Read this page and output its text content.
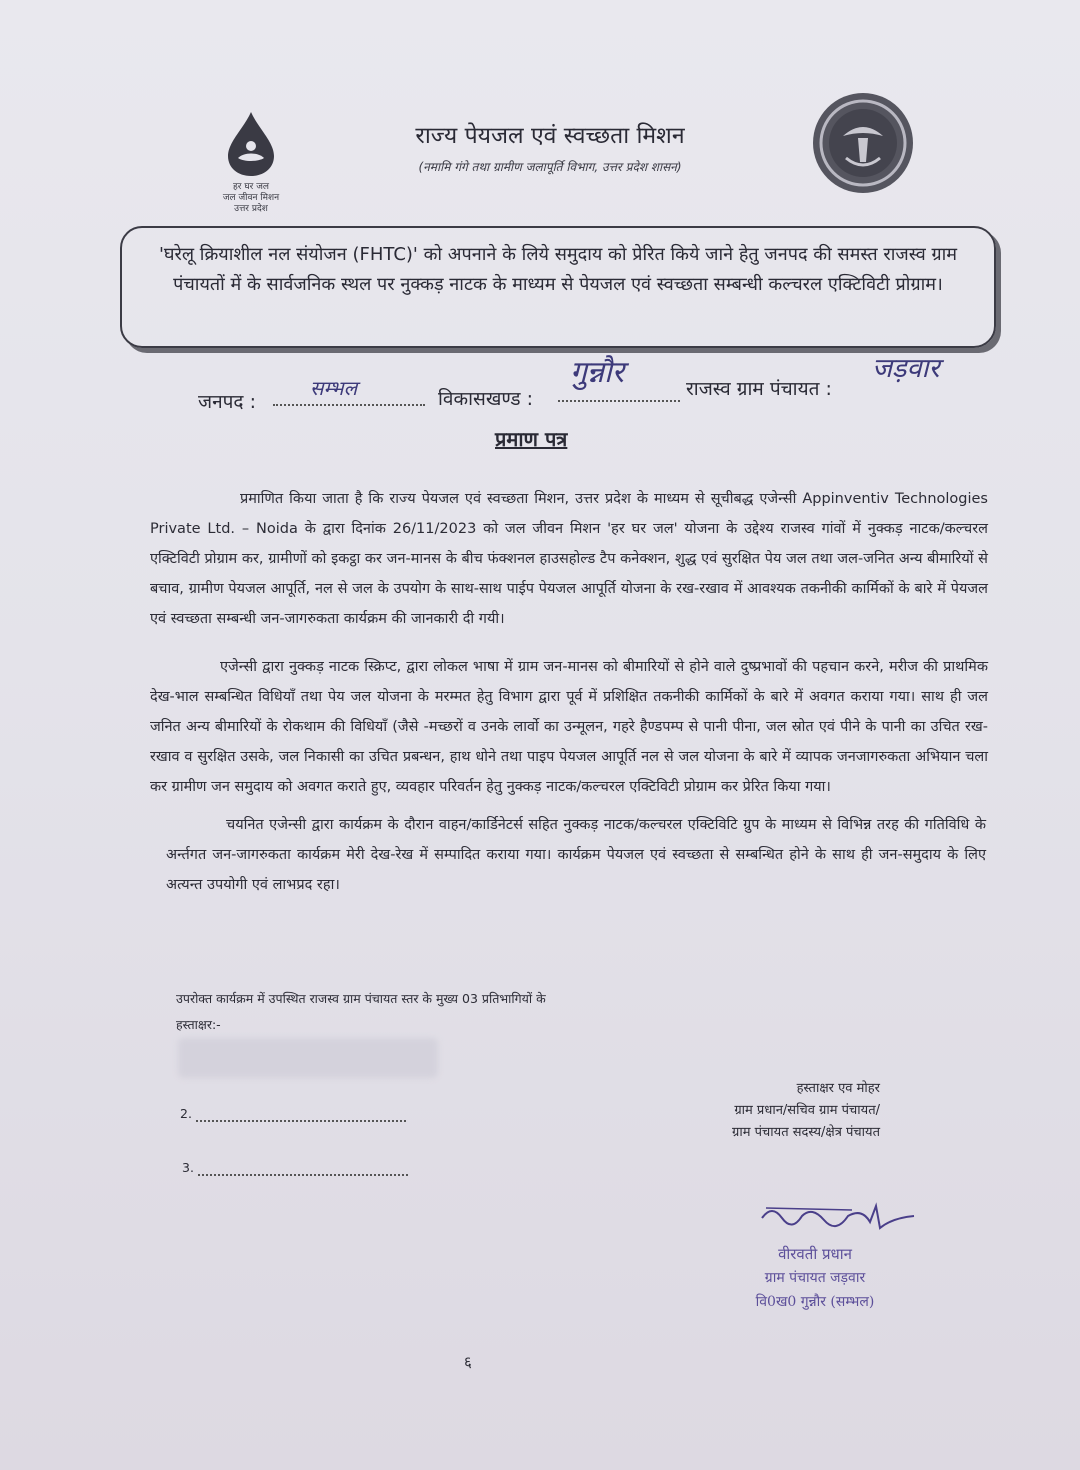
हर घर जल
जल जीवन मिशन
उत्तर प्रदेश
राज्य पेयजल एवं स्वच्छता मिशन
(नमामि गंगे तथा ग्रामीण जलापूर्ति विभाग, उत्तर प्रदेश शासन)
'घरेलू क्रियाशील नल संयोजन (FHTC)' को अपनाने के लिये समुदाय को प्रेरित किये जाने हेतु जनपद की समस्त राजस्व ग्राम पंचायतों में के सार्वजनिक स्थल पर नुक्कड़ नाटक के माध्यम से पेयजल एवं स्वच्छता सम्बन्धी कल्चरल एक्टिविटी प्रोग्राम।
जनपद :
सम्भल	विकासखण्ड :
गुन्नौर	राजस्व ग्राम पंचायत :
जड़वार
प्रमाण पत्र

प्रमाणित किया जाता है कि राज्य पेयजल एवं स्वच्छता मिशन, उत्तर प्रदेश के माध्यम से सूचीबद्ध एजेन्सी Appinventiv Technologies Private Ltd. – Noida के द्वारा दिनांक 26/11/2023 को जल जीवन मिशन 'हर घर जल' योजना के उद्देश्य राजस्व गांवों में नुक्कड़ नाटक/कल्चरल एक्टिविटी प्रोग्राम कर, ग्रामीणों को इकट्ठा कर जन-मानस के बीच फंक्शनल हाउसहोल्ड टैप कनेक्शन, शुद्ध एवं सुरक्षित पेय जल तथा जल-जनित अन्य बीमारियों से बचाव, ग्रामीण पेयजल आपूर्ति, नल से जल के उपयोग के साथ-साथ पाईप पेयजल आपूर्ति योजना के रख-रखाव में आवश्यक तकनीकी कार्मिकों के बारे में पेयजल एवं स्वच्छता सम्बन्धी जन-जागरुकता कार्यक्रम की जानकारी दी गयी।

एजेन्सी द्वारा नुक्कड़ नाटक स्क्रिप्ट, द्वारा लोकल भाषा में ग्राम जन-मानस को बीमारियों से होने वाले दुष्प्रभावों की पहचान करने, मरीज की प्राथमिक देख-भाल सम्बन्धित विधियाँ तथा पेय जल योजना के मरम्मत हेतु विभाग द्वारा पूर्व में प्रशिक्षित तकनीकी कार्मिकों के बारे में अवगत कराया गया। साथ ही जल जनित अन्य बीमारियों के रोकथाम की विधियाँ (जैसे -मच्छरों व उनके लार्वो का उन्मूलन, गहरे हैण्डपम्प से पानी पीना, जल स्रोत एवं पीने के पानी का उचित रख-रखाव व सुरक्षित उसके, जल निकासी का उचित प्रबन्धन, हाथ धोने तथा पाइप पेयजल आपूर्ति नल से जल योजना के बारे में व्यापक जनजागरुकता अभियान चला कर ग्रामीण जन समुदाय को अवगत कराते हुए, व्यवहार परिवर्तन हेतु नुक्कड़ नाटक/कल्चरल एक्टिविटी प्रोग्राम कर प्रेरित किया गया।

चयनित एजेन्सी द्वारा कार्यक्रम के दौरान वाहन/कार्डिनेटर्स सहित नुक्कड़ नाटक/कल्चरल एक्टिविटि ग्रुप के माध्यम से विभिन्न तरह की गतिविधि के अर्न्तगत जन-जागरुकता कार्यक्रम मेरी देख-रेख में सम्पादित कराया गया। कार्यक्रम पेयजल एवं स्वच्छता से सम्बन्धित होने के साथ ही जन-समुदाय के लिए अत्यन्त उपयोगी एवं लाभप्रद रहा।

उपरोक्त कार्यक्रम में उपस्थित राजस्व ग्राम पंचायत स्तर के मुख्य 03 प्रतिभागियों के
हस्ताक्षर:-
2.
3.
हस्ताक्षर एव मोहर
ग्राम प्रधान/सचिव ग्राम पंचायत/
ग्राम पंचायत सदस्य/क्षेत्र पंचायत
वीरवती प्रधान
ग्राम पंचायत जड़वार
वि0ख0 गुन्नौर (सम्भल)
६
